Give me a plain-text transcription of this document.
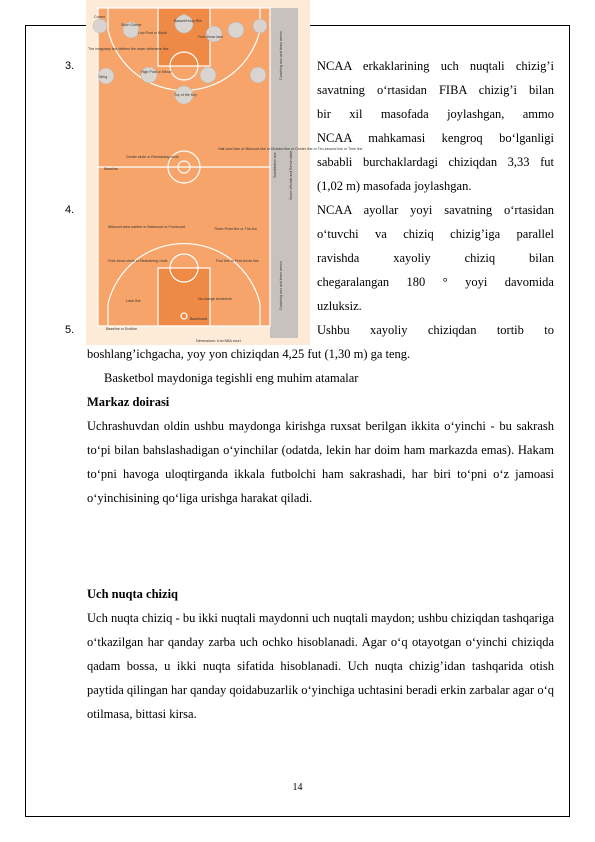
Corner
Short Corner
Low Post or Block
Basket/Hoop Rim
Free-throw lane
The imaginary line defines the lower defensive line
Wing
High Post or Elbow
Top of the Key
Center circle or Restraining circle
Baseline
Half-court line or Midcourt line or Division line or Center line or Ten-second line or Time line
Midcourt area marker or Backcourt or Frontcourt	Three-Point line or The Arc
Free-throw circle or Restraining circle	Foul line or Free-throw line
Lane line	No-charge semicircle
Backboard
Baseline or Endline
Dimensions: it an NBA court
Coaching box and team bench
Substitution box	Score officials and Bench table
Coaching box and team bench
3.
4.
5.
NCAA erkaklarining uch nuqtali chizig’i
savatning o‘rtasidan FIBA chizig’i bilan
bir xil masofada joylashgan, ammo
NCAA mahkamasi kengroq bo‘lganligi
sababli burchaklardagi chiziqdan 3,33 fut
(1,02 m) masofada joylashgan.
NCAA ayollar yoyi savatning o‘rtasidan
o‘tuvchi va chiziq chizig’iga parallel
ravishda xayoliy chiziq bilan
chegaralangan 180 ° yoyi davomida
uzluksiz.
Ushbu xayoliy chiziqdan tortib to
boshlang’ichgacha, yoy yon chiziqdan 4,25 fut (1,30 m) ga teng.
Basketbol maydoniga tegishli eng muhim atamalar
Markaz doirasi
Uchrashuvdan oldin ushbu maydonga kirishga ruxsat berilgan ikkita o‘yinchi - bu sakrash to‘pi bilan bahslashadigan o‘yinchilar (odatda, lekin har doim ham markazda emas). Hakam to‘pni havoga uloqtirganda ikkala futbolchi ham sakrashadi, har biri to‘pni o‘z jamoasi o‘yinchisining qo‘liga urishga harakat qiladi.
Uch nuqta chiziq
Uch nuqta chiziq - bu ikki nuqtali maydonni uch nuqtali maydon; ushbu chiziqdan tashqariga o‘tkazilgan har qanday zarba uch ochko hisoblanadi. Agar o‘q otayotgan o‘yinchi chiziqda qadam bossa, u ikki nuqta sifatida hisoblanadi. Uch nuqta chizig’idan tashqarida otish paytida qilingan har qanday qoidabuzarlik o‘yinchiga uchtasini beradi erkin zarbalar agar o‘q otilmasa, bittasi kirsa.
14
